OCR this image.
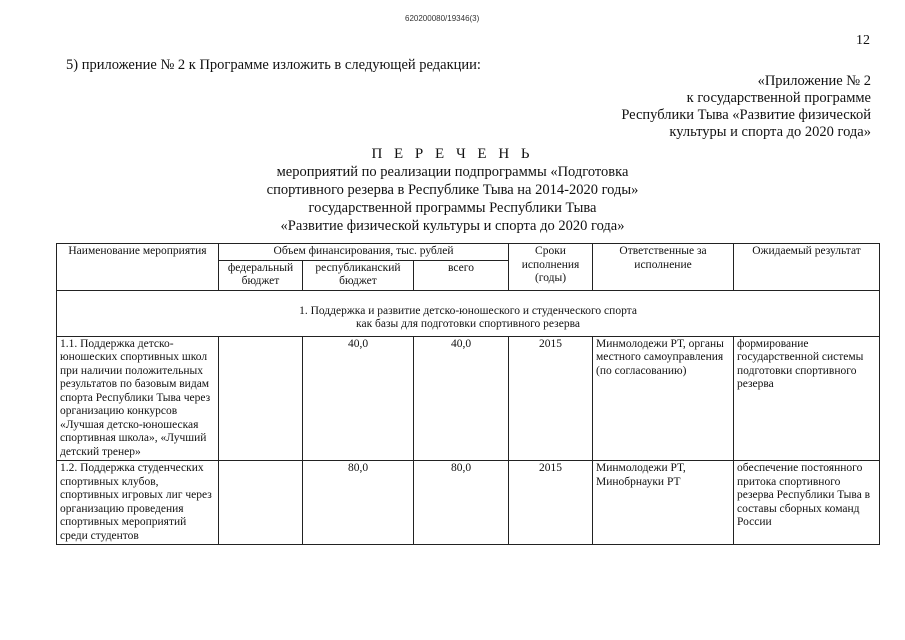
620200080/19346(3)
12
5) приложение № 2 к Программе изложить в следующей редакции:
«Приложение № 2
к государственной программе
Республики Тыва «Развитие физической
культуры и спорта до 2020 года»
П Е Р Е Ч Е Н Ь
мероприятий по реализации подпрограммы «Подготовка
спортивного резерва в Республике Тыва на 2014-2020 годы»
государственной программы Республики Тыва
«Развитие физической культуры и спорта до 2020 года»
Наименование мероприятия	Объем финансирования, тыс. рублей			Сроки исполнения (годы)	Ответственные за исполнение	Ожидаемый результат
	федеральный бюджет	республиканский бюджет	всего			

1. Поддержка и развитие детско-юношеского и студенческого спорта
как базы для подготовки спортивного резерва						

1.1. Поддержка детско-юношеских спортивных школ при наличии положительных результатов по базовым видам спорта Республики Тыва через организацию конкурсов «Лучшая детско-юношеская спортивная школа», «Лучший детский тренер»		40,0	40,0	2015	Минмолодежи РТ, органы местного самоуправления (по согласованию)	формирование государственной системы подготовки спортивного резерва
1.2. Поддержка студенческих спортивных клубов, спортивных игровых лиг через организацию проведения спортивных мероприятий среди студентов		80,0	80,0	2015	Минмолодежи РТ, Минобрнауки РТ	обеспечение постоянного притока спортивного резерва Республики Тыва в составы сборных команд России
